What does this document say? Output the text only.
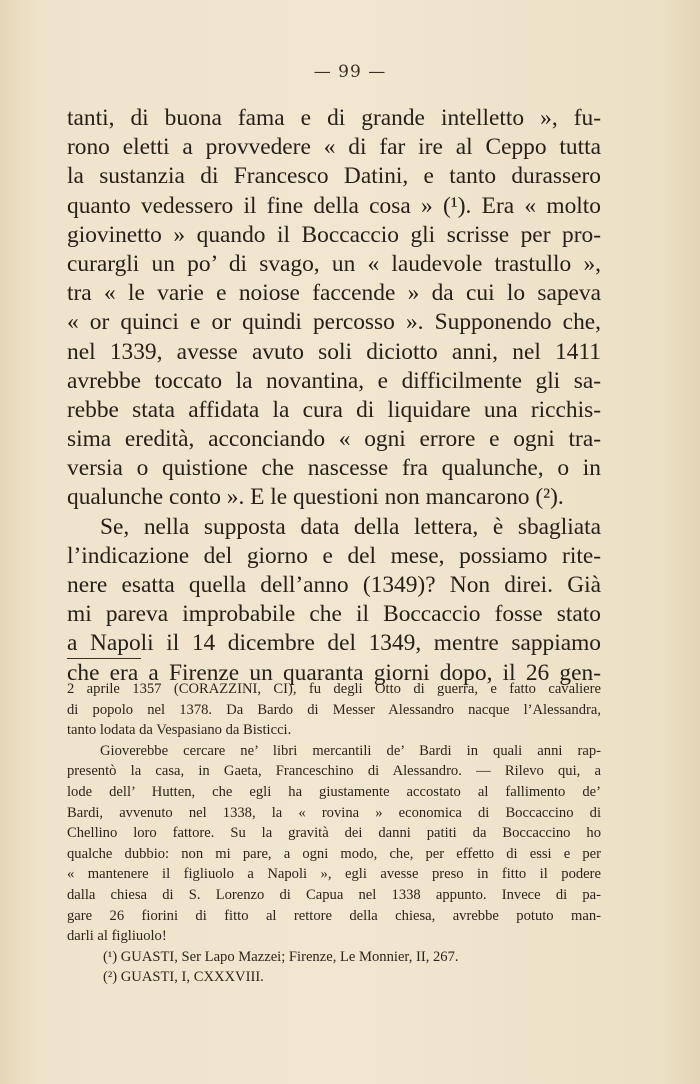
— 99 —
tanti, di buona fama e di grande intelletto », fu-
rono eletti a provvedere « di far ire al Ceppo tutta
la sustanzia di Francesco Datini, e tanto durassero
quanto vedessero il fine della cosa » (¹). Era « molto
giovinetto » quando il Boccaccio gli scrisse per pro-
curargli un po’ di svago, un « laudevole trastullo »,
tra « le varie e noiose faccende » da cui lo sapeva
« or quinci e or quindi percosso ». Supponendo che,
nel 1339, avesse avuto soli diciotto anni, nel 1411
avrebbe toccato la novantina, e difficilmente gli sa-
rebbe stata affidata la cura di liquidare una ricchis-
sima eredità, acconciando « ogni errore e ogni tra-
versia o quistione che nascesse fra qualunche, o in
qualunche conto ». E le questioni non mancarono (²).
Se, nella supposta data della lettera, è sbagliata
l’indicazione del giorno e del mese, possiamo rite-
nere esatta quella dell’anno (1349)? Non direi. Già
mi pareva improbabile che il Boccaccio fosse stato
a Napoli il 14 dicembre del 1349, mentre sappiamo
che era a Firenze un quaranta giorni dopo, il 26 gen-
2 aprile 1357 (CORAZZINI, CI), fu degli Otto di guerra, e fatto cavaliere
di popolo nel 1378. Da Bardo di Messer Alessandro nacque l’Alessandra,
tanto lodata da Vespasiano da Bisticci.
Gioverebbe cercare ne’ libri mercantili de’ Bardi in quali anni rap-
presentò la casa, in Gaeta, Franceschino di Alessandro. — Rilevo qui, a
lode dell’ Hutten, che egli ha giustamente accostato al fallimento de’
Bardi, avvenuto nel 1338, la « rovina » economica di Boccaccino di
Chellino loro fattore. Su la gravità dei danni patiti da Boccaccino ho
qualche dubbio: non mi pare, a ogni modo, che, per effetto di essi e per
« mantenere il figliuolo a Napoli », egli avesse preso in fitto il podere
dalla chiesa di S. Lorenzo di Capua nel 1338 appunto. Invece di pa-
gare 26 fiorini di fitto al rettore della chiesa, avrebbe potuto man-
darli al figliuolo!
(¹) GUASTI, Ser Lapo Mazzei; Firenze, Le Monnier, II, 267.
(²) GUASTI, I, CXXXVIII.
